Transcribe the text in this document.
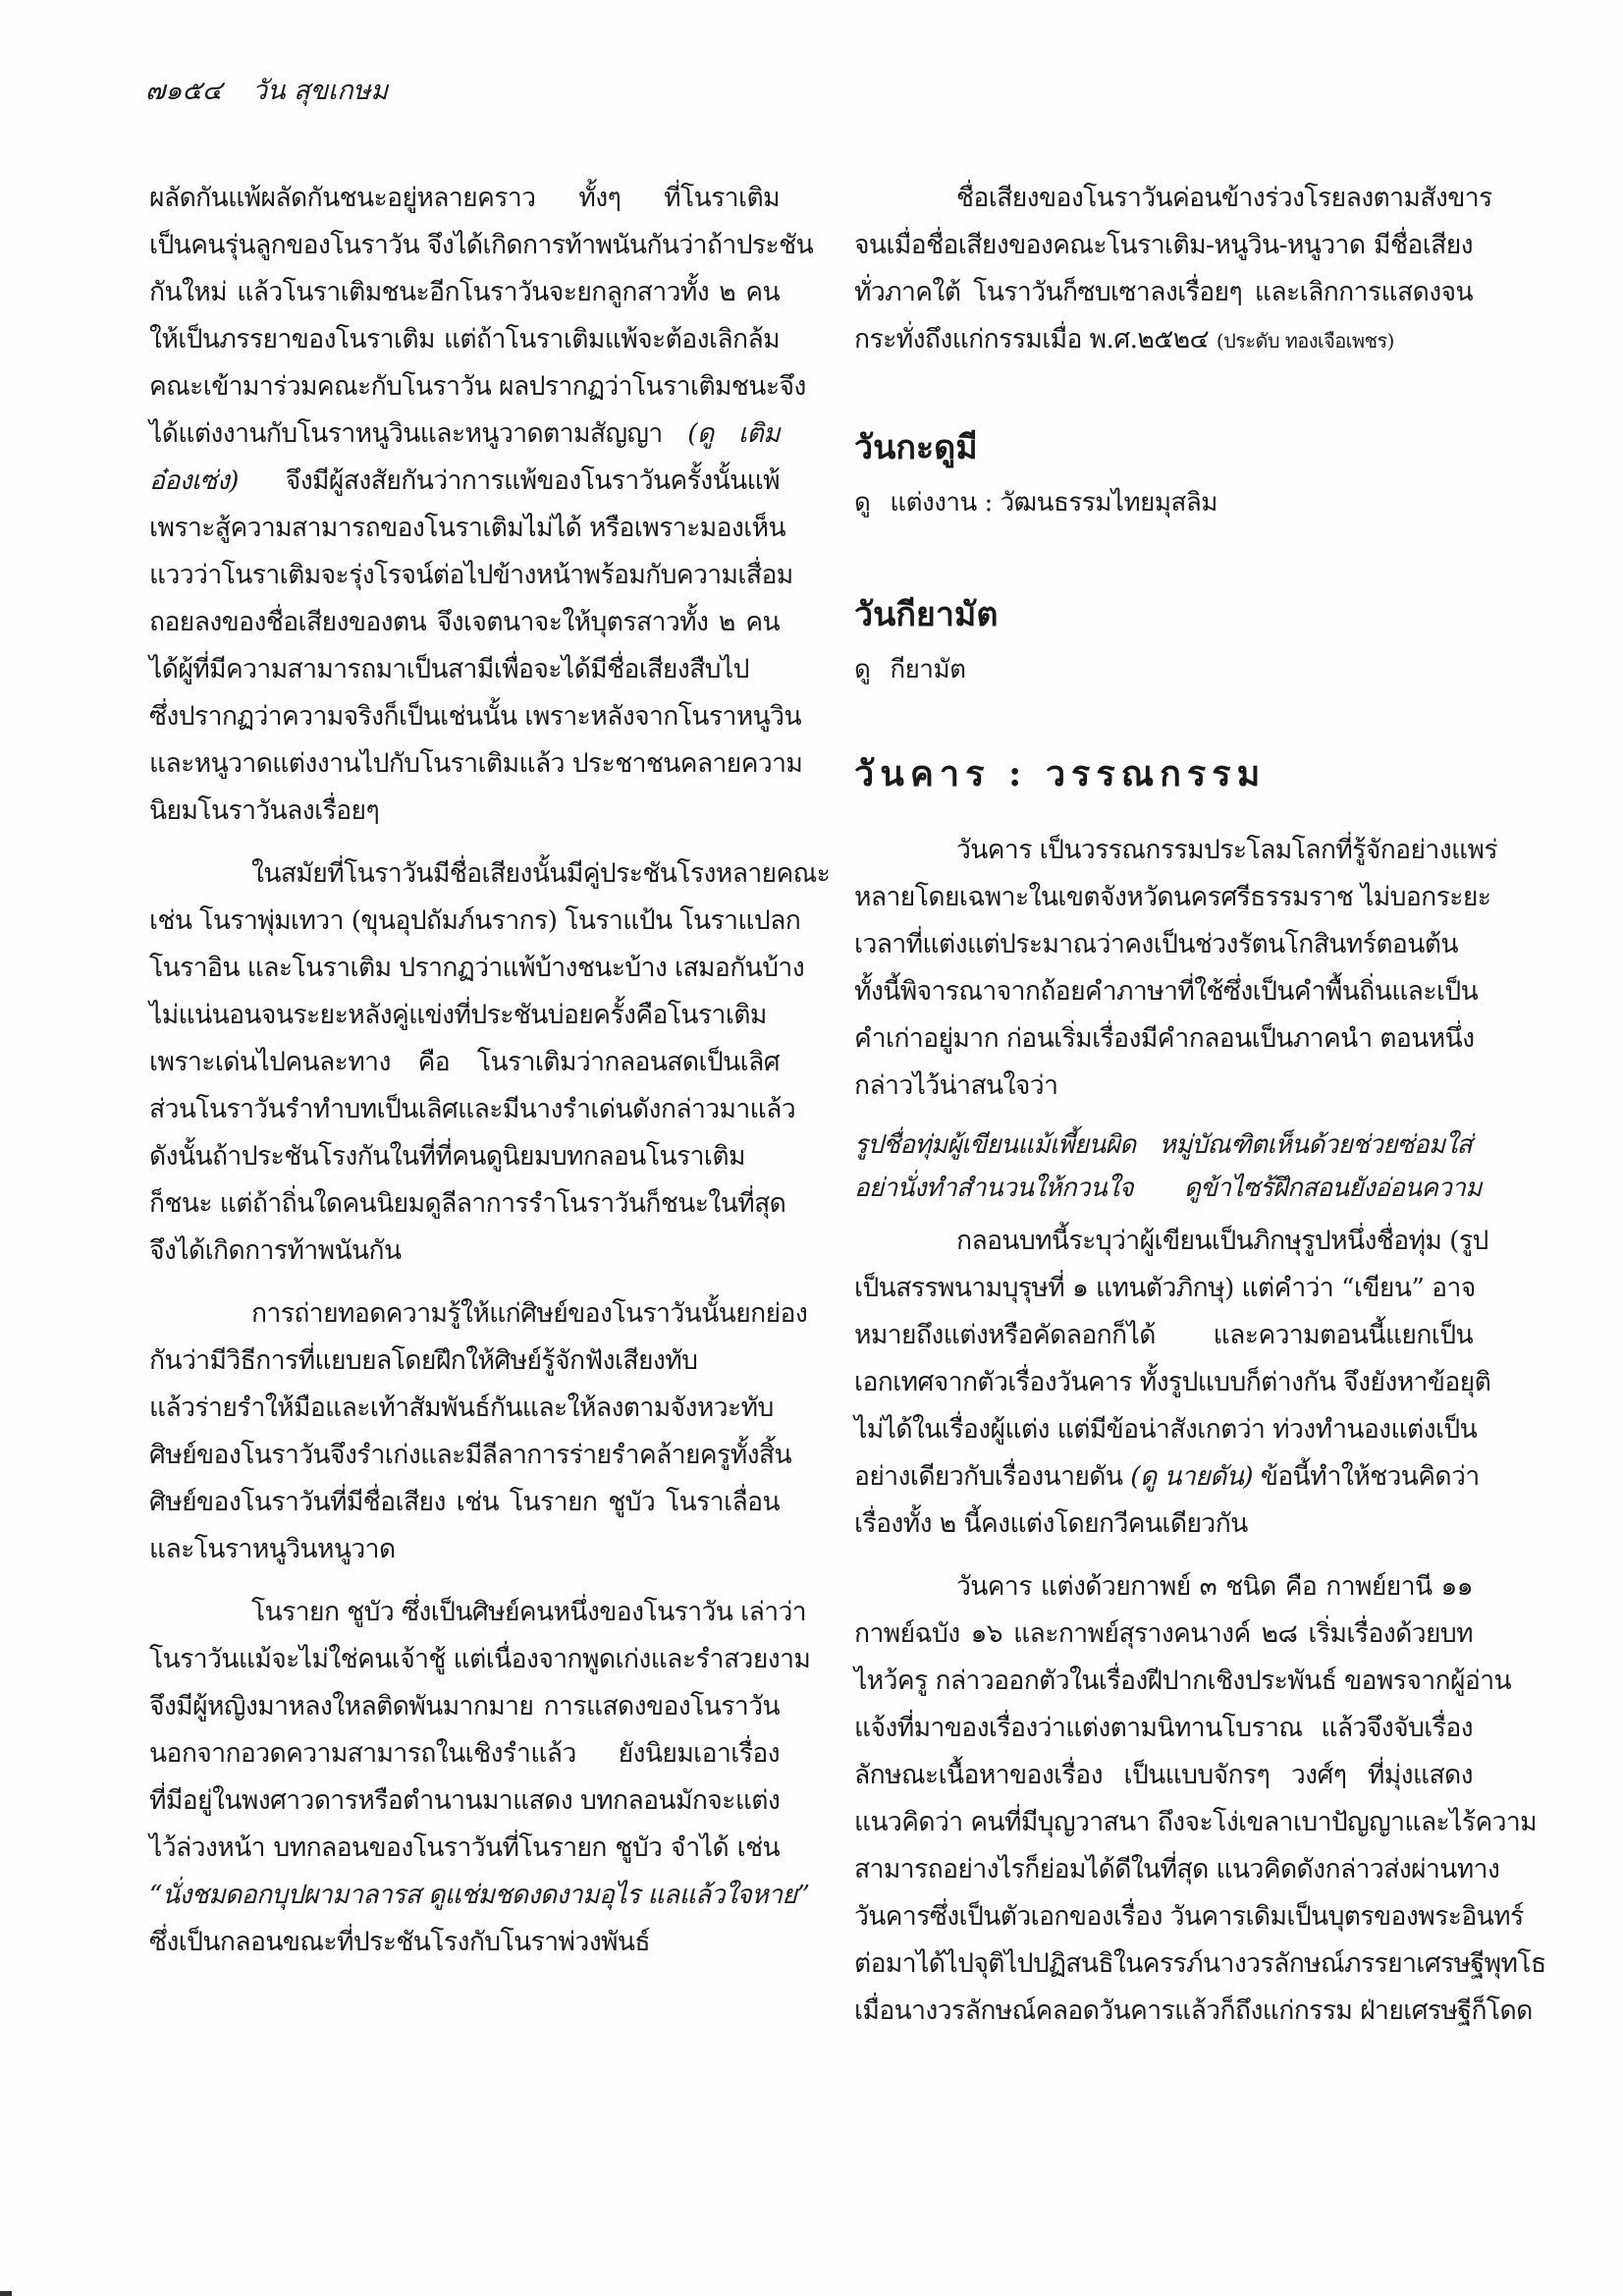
๗๑๕๔ วัน สุขเกษม
ผลัดกันแพ้ผลัดกันชนะอยู่หลายคราว ทั้งๆ ที่โนราเติม
เป็นคนรุ่นลูกของโนราวัน จึงได้เกิดการท้าพนันกันว่าถ้าประชัน
กันใหม่ แล้วโนราเติมชนะอีกโนราวันจะยกลูกสาวทั้ง ๒ คน
ให้เป็นภรรยาของโนราเติม แต่ถ้าโนราเติมแพ้จะต้องเลิกล้ม
คณะเข้ามาร่วมคณะกับโนราวัน ผลปรากฏว่าโนราเติมชนะจึง
ได้แต่งงานกับโนราหนูวินและหนูวาดตามสัญญา (ดู เติม
อ๋องเซ่ง) จึงมีผู้สงสัยกันว่าการแพ้ของโนราวันครั้งนั้นแพ้
เพราะสู้ความสามารถของโนราเติมไม่ได้ หรือเพราะมองเห็น
แววว่าโนราเติมจะรุ่งโรจน์ต่อไปข้างหน้าพร้อมกับความเสื่อม
ถอยลงของชื่อเสียงของตน จึงเจตนาจะให้บุตรสาวทั้ง ๒ คน
ได้ผู้ที่มีความสามารถมาเป็นสามีเพื่อจะได้มีชื่อเสียงสืบไป
ซึ่งปรากฏว่าความจริงก็เป็นเช่นนั้น เพราะหลังจากโนราหนูวิน
และหนูวาดแต่งงานไปกับโนราเติมแล้ว ประชาชนคลายความ
นิยมโนราวันลงเรื่อยๆ
ในสมัยที่โนราวันมีชื่อเสียงนั้นมีคู่ประชันโรงหลายคณะ
เช่น โนราพุ่มเทวา (ขุนอุปถัมภ์นรากร) โนราแป้น โนราแปลก
โนราอิน และโนราเติม ปรากฏว่าแพ้บ้างชนะบ้าง เสมอกันบ้าง
ไม่แน่นอนจนระยะหลังคู่แข่งที่ประชันบ่อยครั้งคือโนราเติม
เพราะเด่นไปคนละทาง คือ โนราเติมว่ากลอนสดเป็นเลิศ
ส่วนโนราวันรำทำบทเป็นเลิศและมีนางรำเด่นดังกล่าวมาแล้ว
ดังนั้นถ้าประชันโรงกันในที่ที่คนดูนิยมบทกลอนโนราเติม
ก็ชนะ แต่ถ้าถิ่นใดคนนิยมดูลีลาการรำโนราวันก็ชนะในที่สุด
จึงได้เกิดการท้าพนันกัน
การถ่ายทอดความรู้ให้แก่ศิษย์ของโนราวันนั้นยกย่อง
กันว่ามีวิธีการที่แยบยลโดยฝึกให้ศิษย์รู้จักฟังเสียงทับ
แล้วร่ายรำให้มือและเท้าสัมพันธ์กันและให้ลงตามจังหวะทับ
ศิษย์ของโนราวันจึงรำเก่งและมีลีลาการร่ายรำคล้ายครูทั้งสิ้น
ศิษย์ของโนราวันที่มีชื่อเสียง เช่น โนรายก ชูบัว โนราเลื่อน
และโนราหนูวินหนูวาด
โนรายก ชูบัว ซึ่งเป็นศิษย์คนหนึ่งของโนราวัน เล่าว่า
โนราวันแม้จะไม่ใช่คนเจ้าชู้ แต่เนื่องจากพูดเก่งและรำสวยงาม
จึงมีผู้หญิงมาหลงใหลติดพันมากมาย การแสดงของโนราวัน
นอกจากอวดความสามารถในเชิงรำแล้ว ยังนิยมเอาเรื่อง
ที่มีอยู่ในพงศาวดารหรือตำนานมาแสดง บทกลอนมักจะแต่ง
ไว้ล่วงหน้า บทกลอนของโนราวันที่โนรายก ชูบัว จำได้ เช่น
“นั่งชมดอกบุปผามาลารส ดูแช่มชดงดงามอุไร แลแล้วใจหาย”
ซึ่งเป็นกลอนขณะที่ประชันโรงกับโนราพ่วงพันธ์
ชื่อเสียงของโนราวันค่อนข้างร่วงโรยลงตามสังขาร
จนเมื่อชื่อเสียงของคณะโนราเติม-หนูวิน-หนูวาด มีชื่อเสียง
ทั่วภาคใต้ โนราวันก็ซบเซาลงเรื่อยๆ และเลิกการแสดงจน
กระทั่งถึงแก่กรรมเมื่อ พ.ศ.๒๕๒๔ (ประดับ ทองเจือเพชร)
วันกะดูมี
ดู แต่งงาน : วัฒนธรรมไทยมุสลิม
วันกียามัต
ดู กียามัต
วันคาร : วรรณกรรม
วันคาร เป็นวรรณกรรมประโลมโลกที่รู้จักอย่างแพร่
หลายโดยเฉพาะในเขตจังหวัดนครศรีธรรมราช ไม่บอกระยะ
เวลาที่แต่งแต่ประมาณว่าคงเป็นช่วงรัตนโกสินทร์ตอนต้น
ทั้งนี้พิจารณาจากถ้อยคำภาษาที่ใช้ซึ่งเป็นคำพื้นถิ่นและเป็น
คำเก่าอยู่มาก ก่อนเริ่มเรื่องมีคำกลอนเป็นภาคนำ ตอนหนึ่ง
กล่าวไว้น่าสนใจว่า
รูปชื่อทุ่มผู้เขียนแม้เพี้ยนผิด หมู่บัณฑิตเห็นด้วยช่วยซ่อมใส่
อย่านั่งทำสำนวนให้กวนใจ ดูข้าไซร้ฝึกสอนยังอ่อนความ
กลอนบทนี้ระบุว่าผู้เขียนเป็นภิกษุรูปหนึ่งชื่อทุ่ม (รูป
เป็นสรรพนามบุรุษที่ ๑ แทนตัวภิกษุ) แต่คำว่า “เขียน” อาจ
หมายถึงแต่งหรือคัดลอกก็ได้ และความตอนนี้แยกเป็น
เอกเทศจากตัวเรื่องวันคาร ทั้งรูปแบบก็ต่างกัน จึงยังหาข้อยุติ
ไม่ได้ในเรื่องผู้แต่ง แต่มีข้อน่าสังเกตว่า ท่วงทำนองแต่งเป็น
อย่างเดียวกับเรื่องนายดัน (ดู นายดัน) ข้อนี้ทำให้ชวนคิดว่า
เรื่องทั้ง ๒ นี้คงแต่งโดยกวีคนเดียวกัน
วันคาร แต่งด้วยกาพย์ ๓ ชนิด คือ กาพย์ยานี ๑๑
กาพย์ฉบัง ๑๖ และกาพย์สุรางคนางค์ ๒๘ เริ่มเรื่องด้วยบท
ไหว้ครู กล่าวออกตัวในเรื่องฝีปากเชิงประพันธ์ ขอพรจากผู้อ่าน
แจ้งที่มาของเรื่องว่าแต่งตามนิทานโบราณ แล้วจึงจับเรื่อง
ลักษณะเนื้อหาของเรื่อง เป็นแบบจักรๆ วงศ์ๆ ที่มุ่งแสดง
แนวคิดว่า คนที่มีบุญวาสนา ถึงจะโง่เขลาเบาปัญญาและไร้ความ
สามารถอย่างไรก็ย่อมได้ดีในที่สุด แนวคิดดังกล่าวส่งผ่านทาง
วันคารซึ่งเป็นตัวเอกของเรื่อง วันคารเดิมเป็นบุตรของพระอินทร์
ต่อมาได้ไปจุติไปปฏิสนธิในครรภ์นางวรลักษณ์ภรรยาเศรษฐีพุทโธ
เมื่อนางวรลักษณ์คลอดวันคารแล้วก็ถึงแก่กรรม ฝ่ายเศรษฐีก็โดด
